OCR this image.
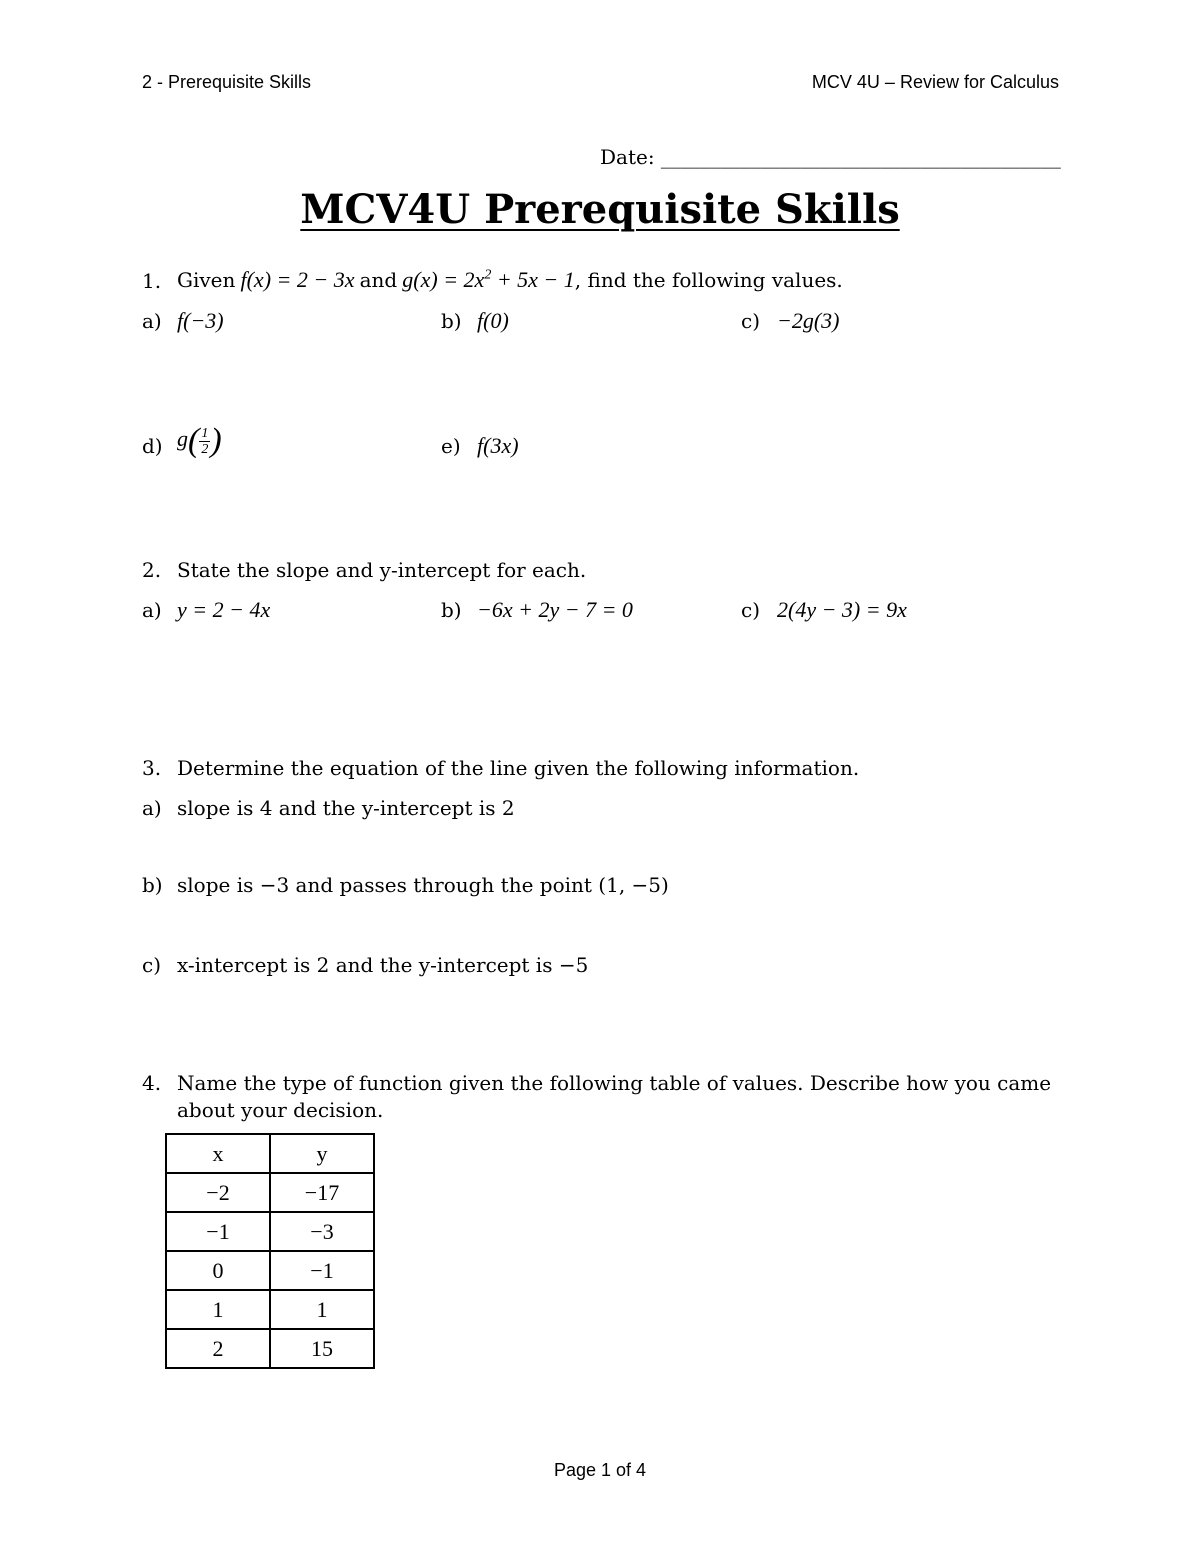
2 - Prerequisite Skills	MCV 4U – Review for Calculus
Date: ________________________________________
MCV4U Prerequisite Skills
1. Given f(x) = 2 − 3x and $g(x) = 2x^2 + 5x - 1$, find the following values.
a) f(−3)	b) f(0)	c) −2g(3)
d) $g( \frac{1}{2}$ )	e) f(3x)
2. State the slope and y-intercept for each.
a) y = 2 − 4x	b) −6x + 2y − 7 = 0	c) 2(4y − 3) = 9x
3. Determine the equation of the line given the following information.
a) slope is 4 and the y-intercept is 2
b) slope is −3 and passes through the point (1, −5)
c) x-intercept is 2 and the y-intercept is −5
4. Name the type of function given the following table of values. Describe how you came
about your decision.
x	y
−2	−17
−1	−3
0	−1
1	1
2	15
Page 1 of 4
